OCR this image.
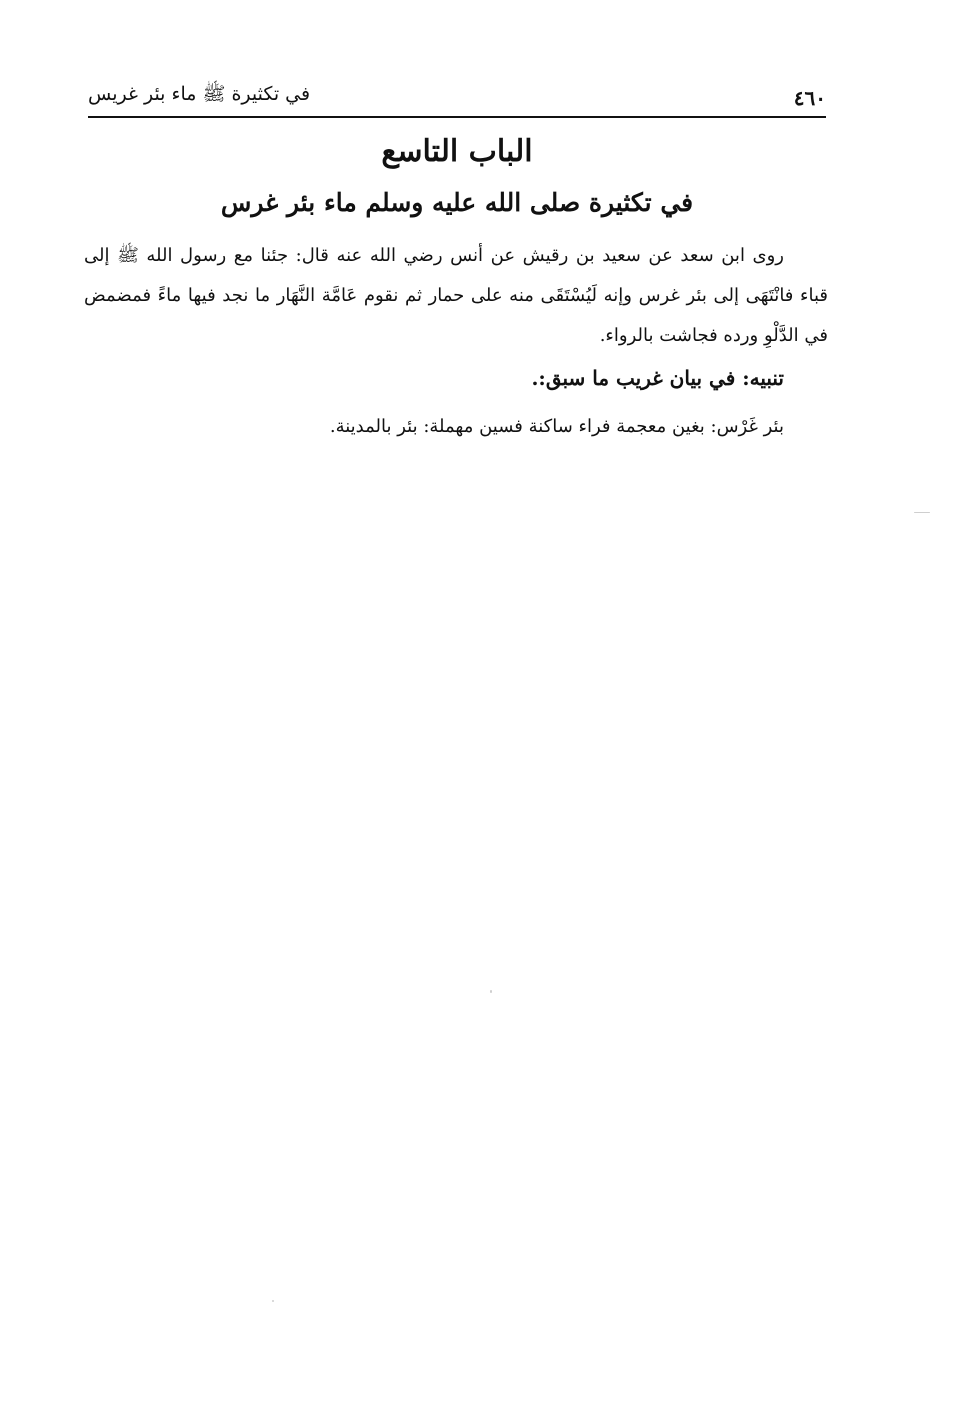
٤٦٠
في تكثيرة ﷺ ماء بئر غريس
الباب التاسع
في تكثيرة صلى الله عليه وسلم ماء بئر غرس
روى ابن سعد عن سعيد بن رقيش عن أنس رضي الله عنه قال: جئنا مع رسول الله ﷺ إلى قباء فانْتَهَى إلى بئر غرس وإنه لَيُسْتَقَى منه على حمار ثم نقوم عَامَّة النَّهَار ما نجد فيها ماءً فمضمض في الدَّلْوِ ورده فجاشت بالرواء.
تنبيه: في بيان غريب ما سبق:.
بئر غَرْس: بغين معجمة فراء ساكنة فسين مهملة: بئر بالمدينة.
